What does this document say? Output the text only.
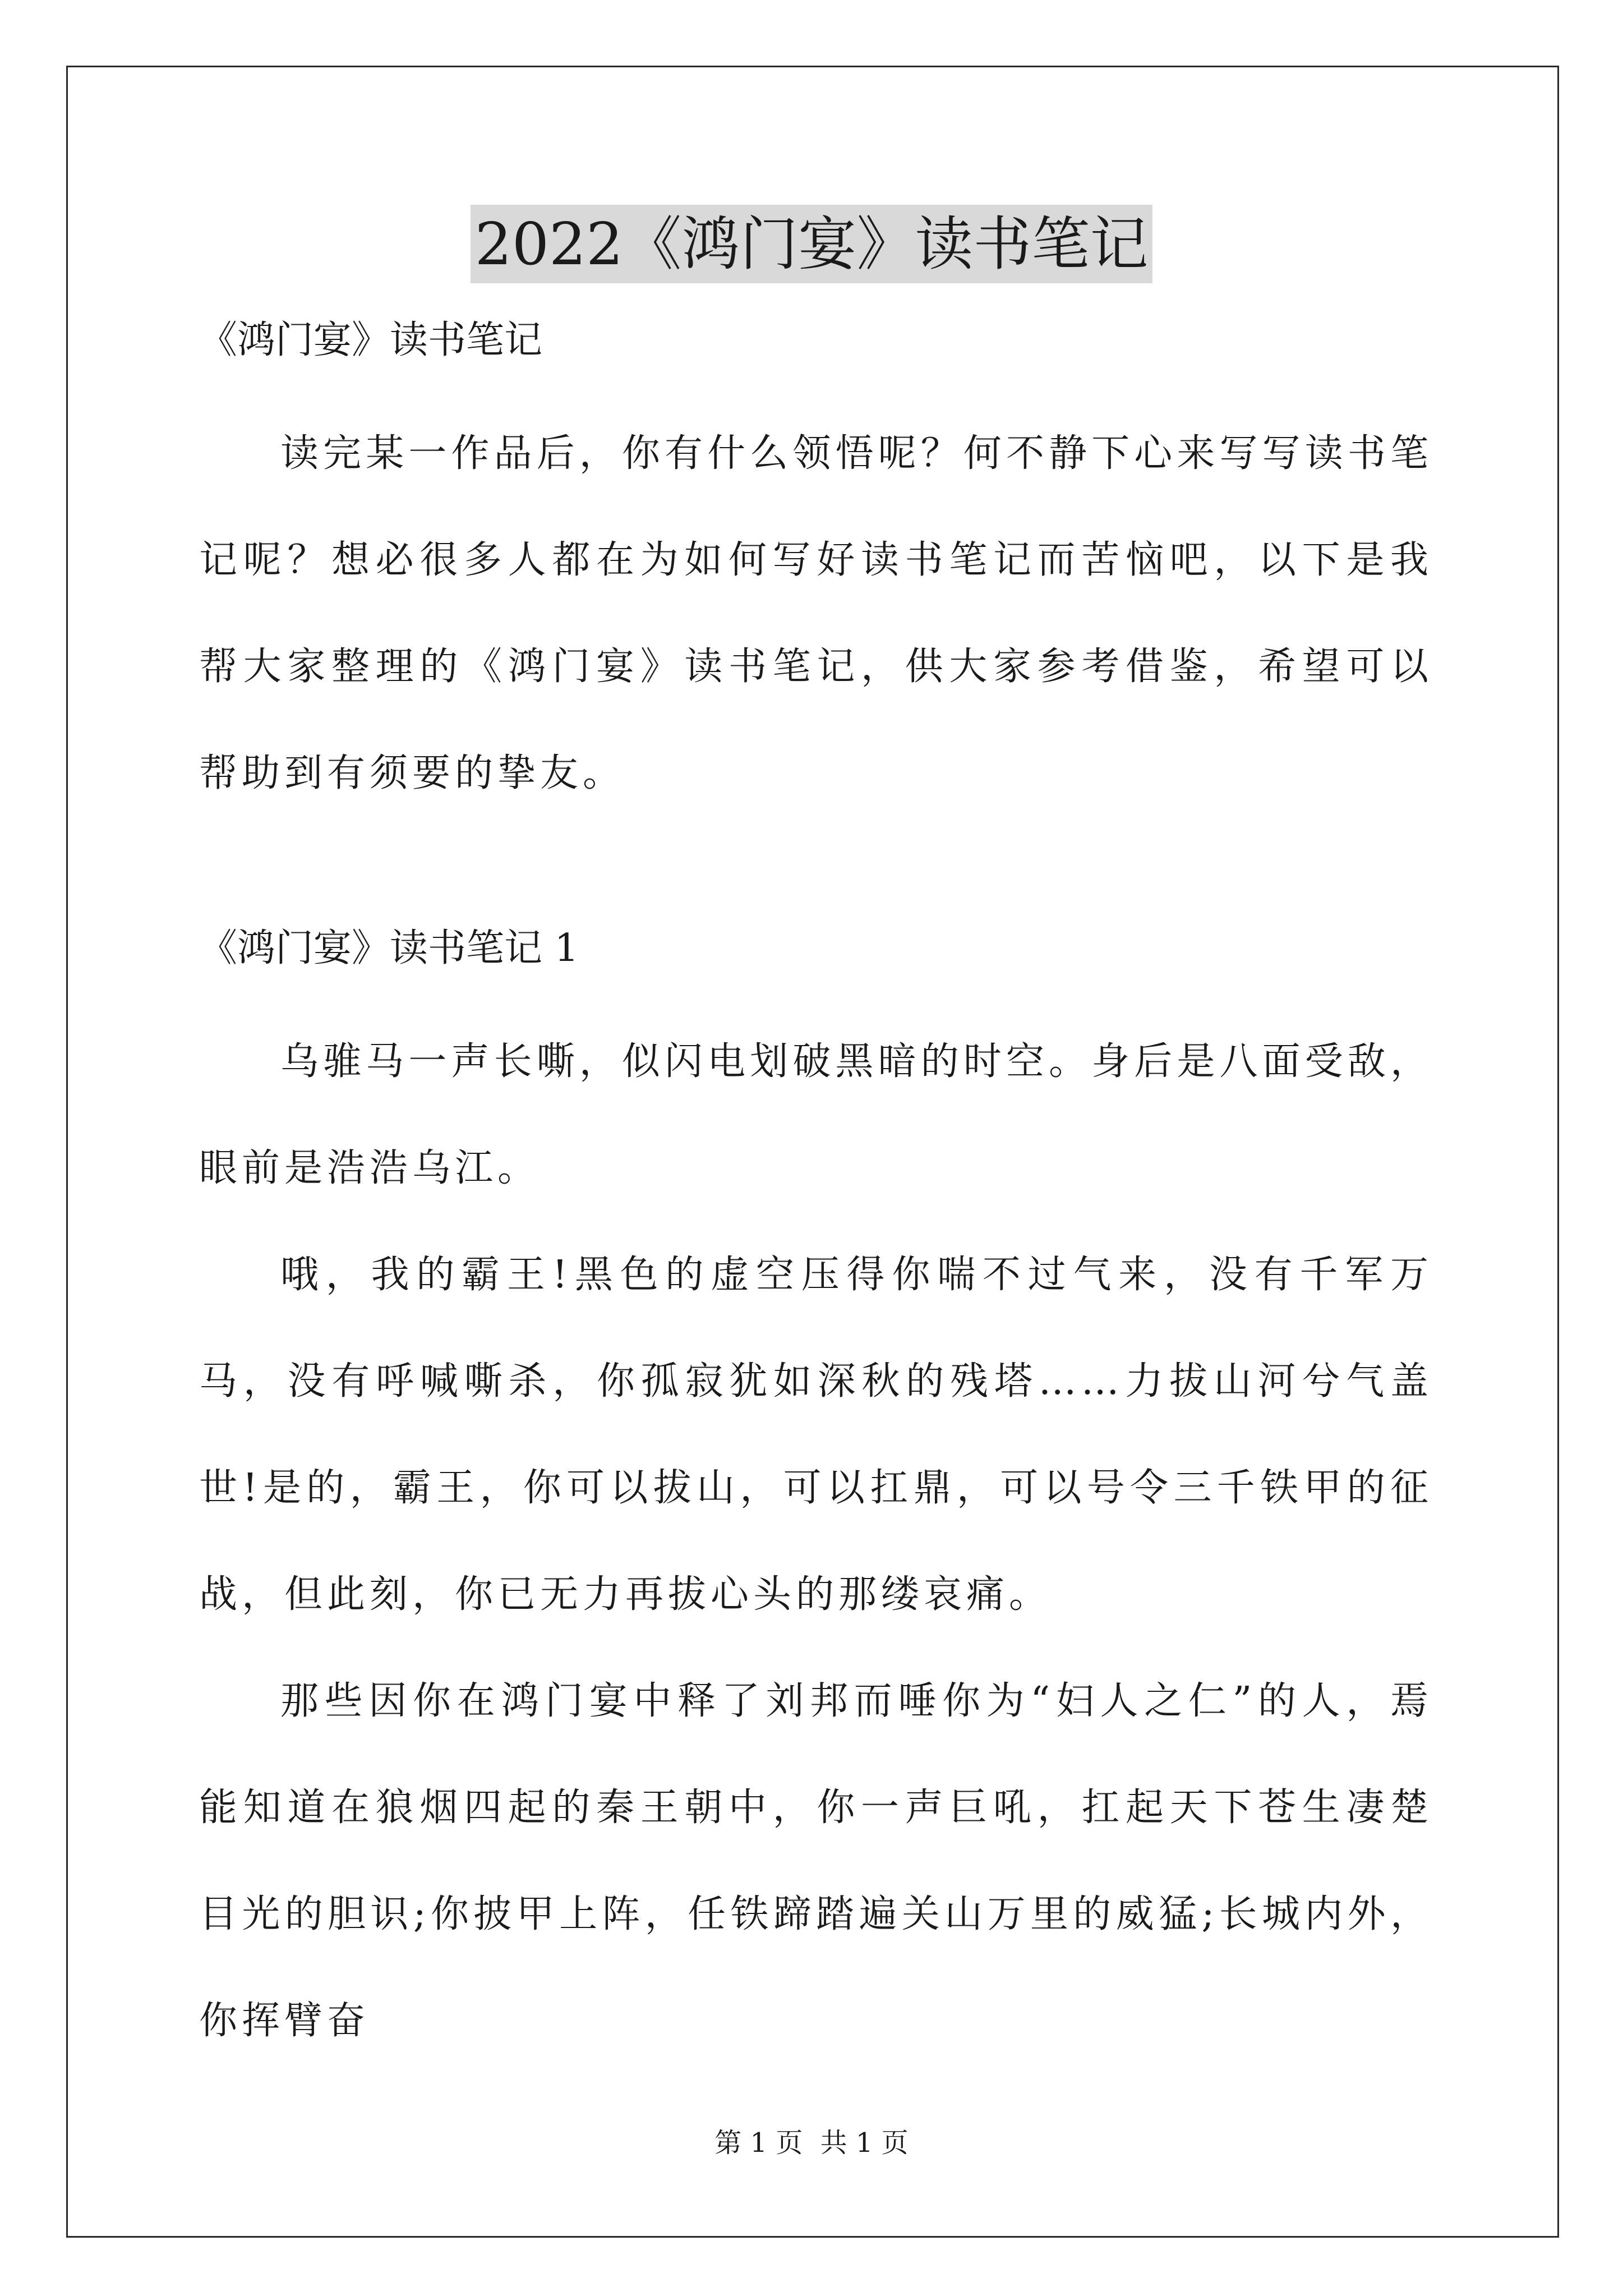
2022《鸿门宴》读书笔记

《鸿门宴》读书笔记

读完某一作品后，你有什么领悟呢？何不静下心来写写读书笔记呢？想必很多人都在为如何写好读书笔记而苦恼吧，以下是我帮大家整理的《鸿门宴》读书笔记，供大家参考借鉴，希望可以帮助到有须要的挚友。

《鸿门宴》读书笔记 1

乌骓马一声长嘶，似闪电划破黑暗的时空。身后是八面受敌，眼前是浩浩乌江。

哦，我的霸王!黑色的虚空压得你喘不过气来，没有千军万马，没有呼喊嘶杀，你孤寂犹如深秋的残塔……力拔山河兮气盖世!是的，霸王，你可以拔山，可以扛鼎，可以号令三千铁甲的征战，但此刻，你已无力再拔心头的那缕哀痛。

那些因你在鸿门宴中释了刘邦而唾你为“妇人之仁”的人，焉能知道在狼烟四起的秦王朝中，你一声巨吼，扛起天下苍生凄楚目光的胆识;你披甲上阵，任铁蹄踏遍关山万里的威猛;长城内外，你挥臂奋

第 1 页 共 1 页
